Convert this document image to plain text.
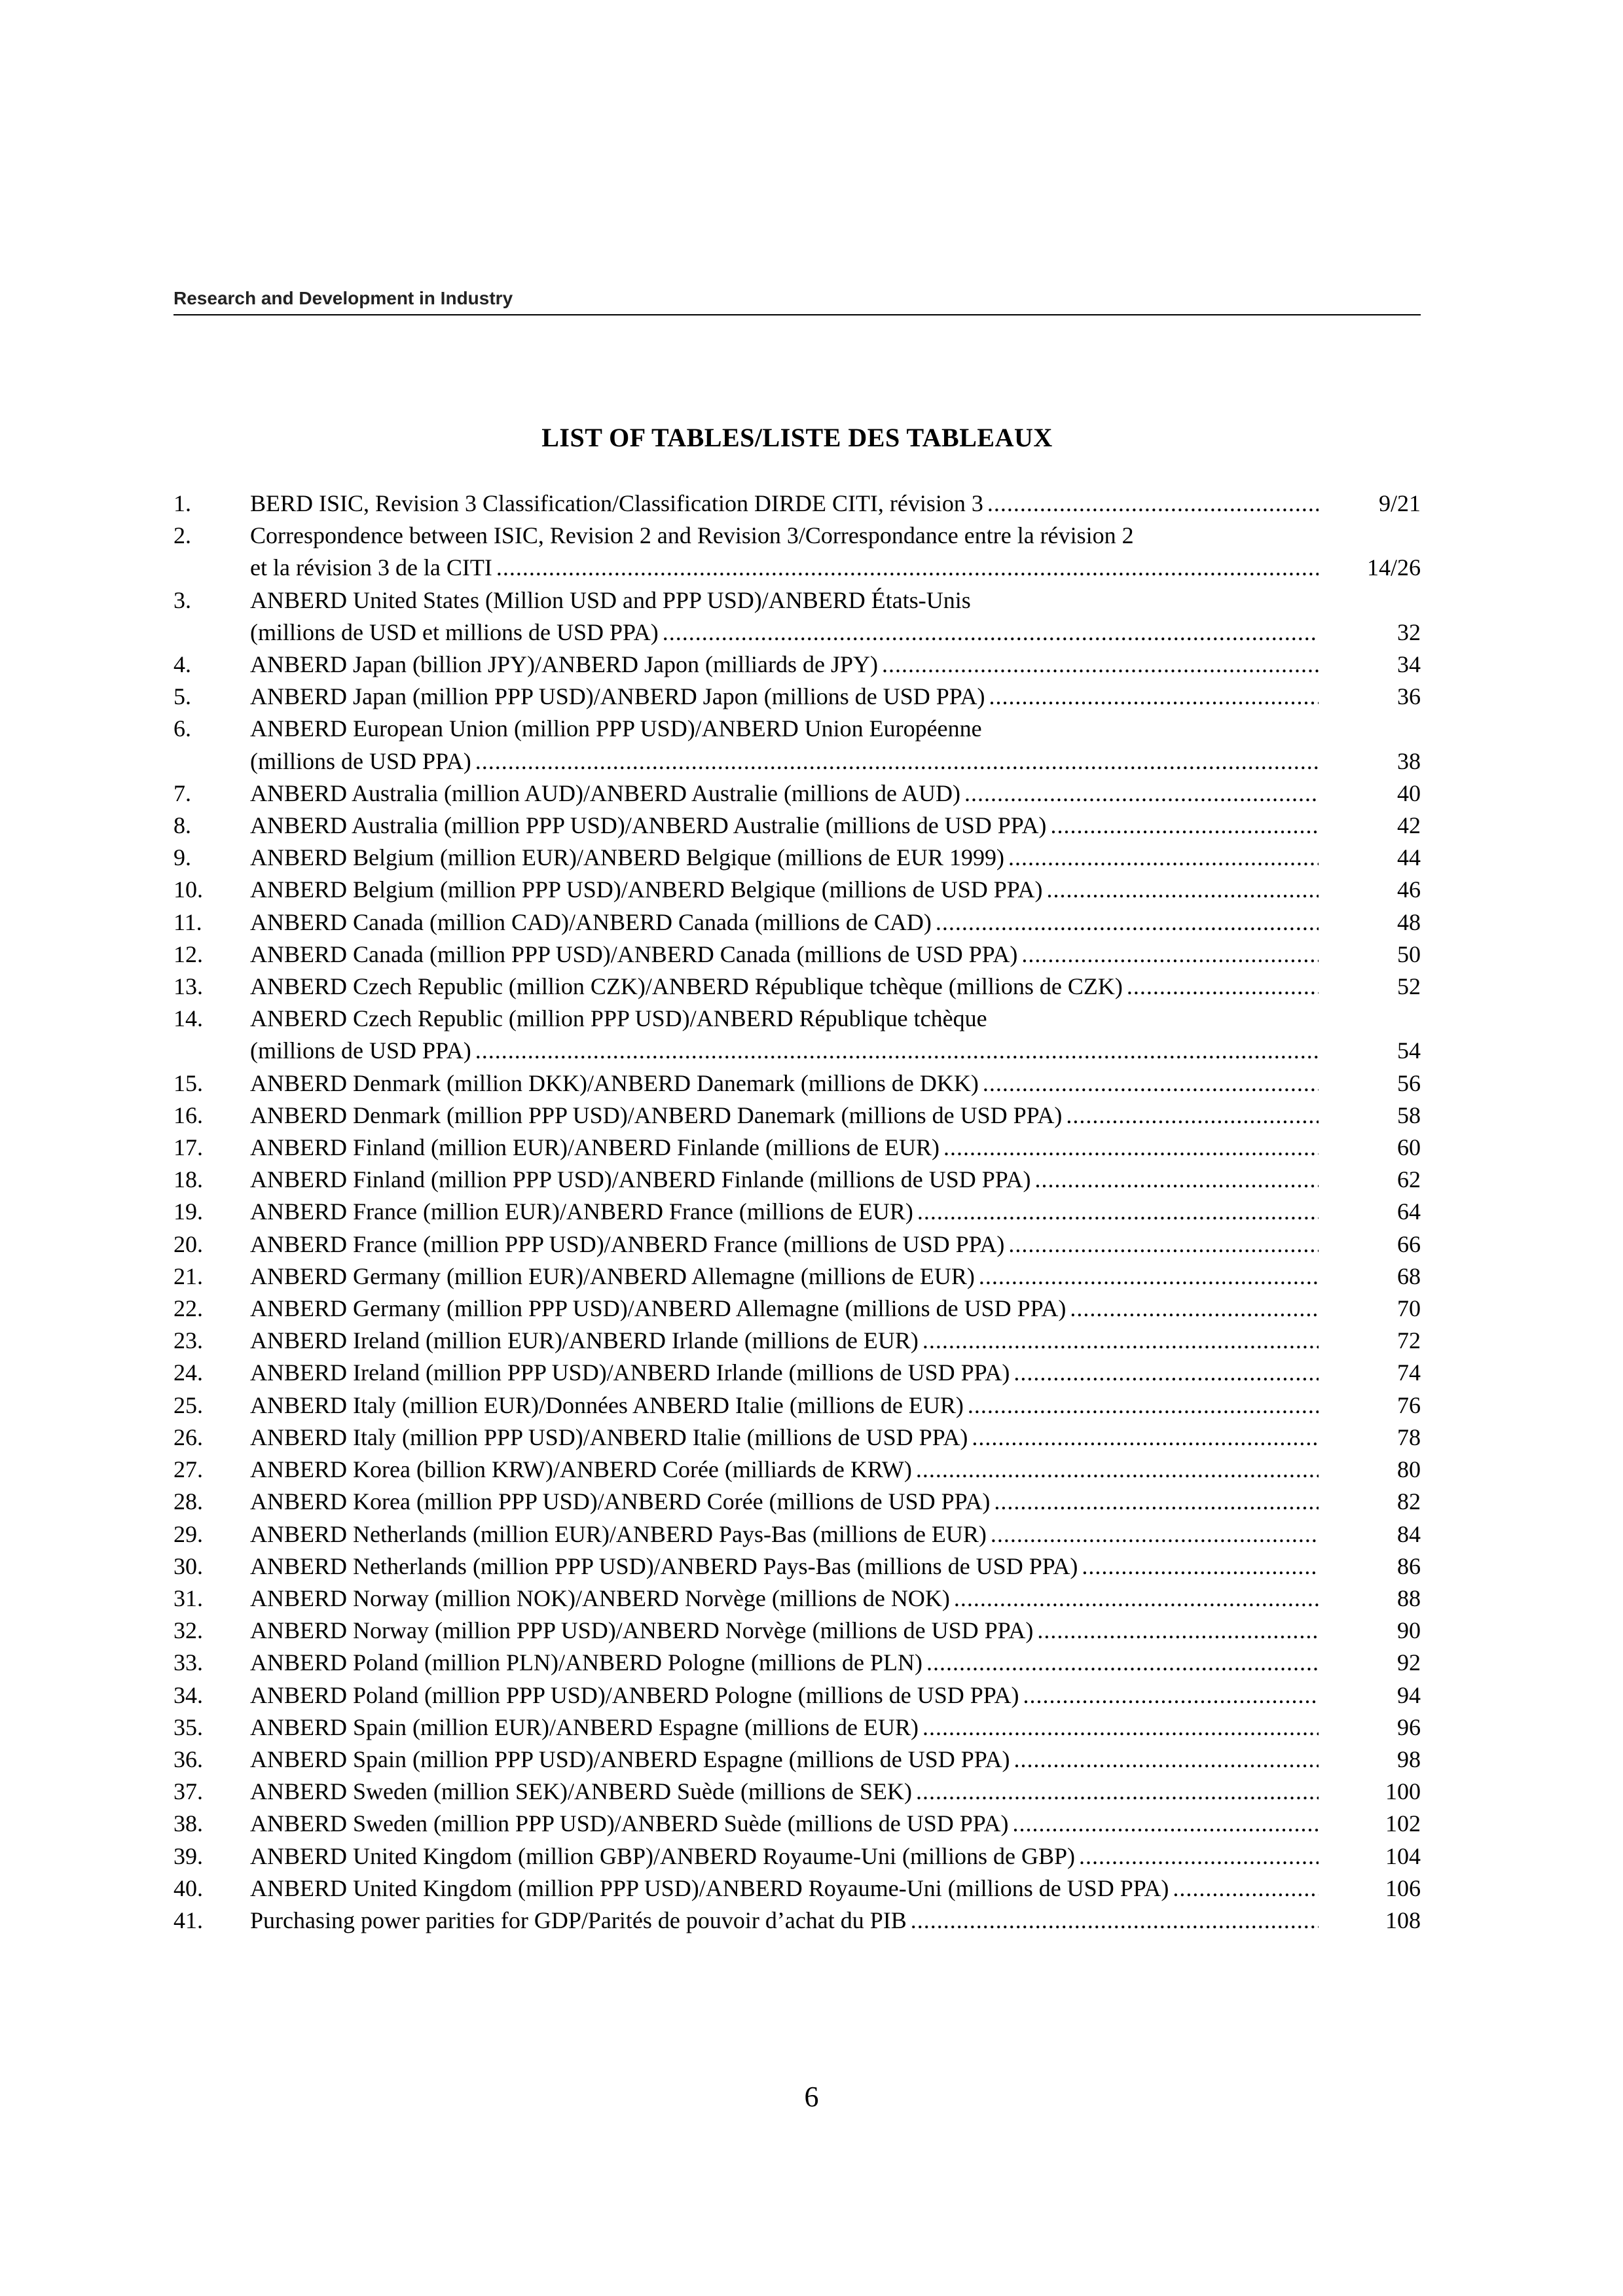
Research and Development in Industry
LIST OF TABLES/LISTE DES TABLEAUX
1.	BERD ISIC, Revision 3 Classification/Classification DIRDE CITI, révision 3 .....	9/21
2.	Correspondence between ISIC, Revision 2 and Revision 3/Correspondance entre la révision 2
et la révision 3 de la CITI .....	14/26
3.	ANBERD United States (Million USD and PPP USD)/ANBERD États-Unis
(millions de USD et millions de USD PPA) .....	32
4.	ANBERD Japan (billion JPY)/ANBERD Japon (milliards de JPY) .....	34
5.	ANBERD Japan (million PPP USD)/ANBERD Japon (millions de USD PPA) .....	36
6.	ANBERD European Union (million PPP USD)/ANBERD Union Européenne
(millions de USD PPA) .....	38
7.	ANBERD Australia (million AUD)/ANBERD Australie (millions de AUD) .....	40
8.	ANBERD Australia (million PPP USD)/ANBERD Australie (millions de USD PPA) .....	42
9.	ANBERD Belgium (million EUR)/ANBERD Belgique (millions de EUR 1999) .....	44
10.	ANBERD Belgium (million PPP USD)/ANBERD Belgique (millions de USD PPA) .....	46
11.	ANBERD Canada (million CAD)/ANBERD Canada (millions de CAD) .....	48
12.	ANBERD Canada (million PPP USD)/ANBERD Canada (millions de USD PPA) .....	50
13.	ANBERD Czech Republic (million CZK)/ANBERD République tchèque (millions de CZK) .....	52
14.	ANBERD Czech Republic (million PPP USD)/ANBERD République tchèque
(millions de USD PPA) .....	54
15.	ANBERD Denmark (million DKK)/ANBERD Danemark (millions de DKK) .....	56
16.	ANBERD Denmark (million PPP USD)/ANBERD Danemark (millions de USD PPA) .....	58
17.	ANBERD Finland (million EUR)/ANBERD Finlande (millions de EUR) .....	60
18.	ANBERD Finland (million PPP USD)/ANBERD Finlande (millions de USD PPA) .....	62
19.	ANBERD France (million EUR)/ANBERD France (millions de EUR) .....	64
20.	ANBERD France (million PPP USD)/ANBERD France (millions de USD PPA) .....	66
21.	ANBERD Germany (million EUR)/ANBERD Allemagne (millions de EUR) .....	68
22.	ANBERD Germany (million PPP USD)/ANBERD Allemagne (millions de USD PPA) .....	70
23.	ANBERD Ireland (million EUR)/ANBERD Irlande (millions de EUR) .....	72
24.	ANBERD Ireland (million PPP USD)/ANBERD Irlande (millions de USD PPA) .....	74
25.	ANBERD Italy (million EUR)/Données ANBERD Italie (millions de EUR) .....	76
26.	ANBERD Italy (million PPP USD)/ANBERD Italie (millions de USD PPA) .....	78
27.	ANBERD Korea (billion KRW)/ANBERD Corée (milliards de KRW) .....	80
28.	ANBERD Korea (million PPP USD)/ANBERD Corée (millions de USD PPA) .....	82
29.	ANBERD Netherlands (million EUR)/ANBERD Pays-Bas (millions de EUR) .....	84
30.	ANBERD Netherlands (million PPP USD)/ANBERD Pays-Bas (millions de USD PPA) .....	86
31.	ANBERD Norway (million NOK)/ANBERD Norvège (millions de NOK) .....	88
32.	ANBERD Norway (million PPP USD)/ANBERD Norvège (millions de USD PPA) .....	90
33.	ANBERD Poland (million PLN)/ANBERD Pologne (millions de PLN) .....	92
34.	ANBERD Poland (million PPP USD)/ANBERD Pologne (millions de USD PPA) .....	94
35.	ANBERD Spain (million EUR)/ANBERD Espagne (millions de EUR) .....	96
36.	ANBERD Spain (million PPP USD)/ANBERD Espagne (millions de USD PPA) .....	98
37.	ANBERD Sweden (million SEK)/ANBERD Suède (millions de SEK) .....	100
38.	ANBERD Sweden (million PPP USD)/ANBERD Suède (millions de USD PPA) .....	102
39.	ANBERD United Kingdom (million GBP)/ANBERD Royaume-Uni (millions de GBP) .....	104
40.	ANBERD United Kingdom (million PPP USD)/ANBERD Royaume-Uni (millions de USD PPA) .....	106
41.	Purchasing power parities for GDP/Parités de pouvoir d’achat du PIB .....	108
6
